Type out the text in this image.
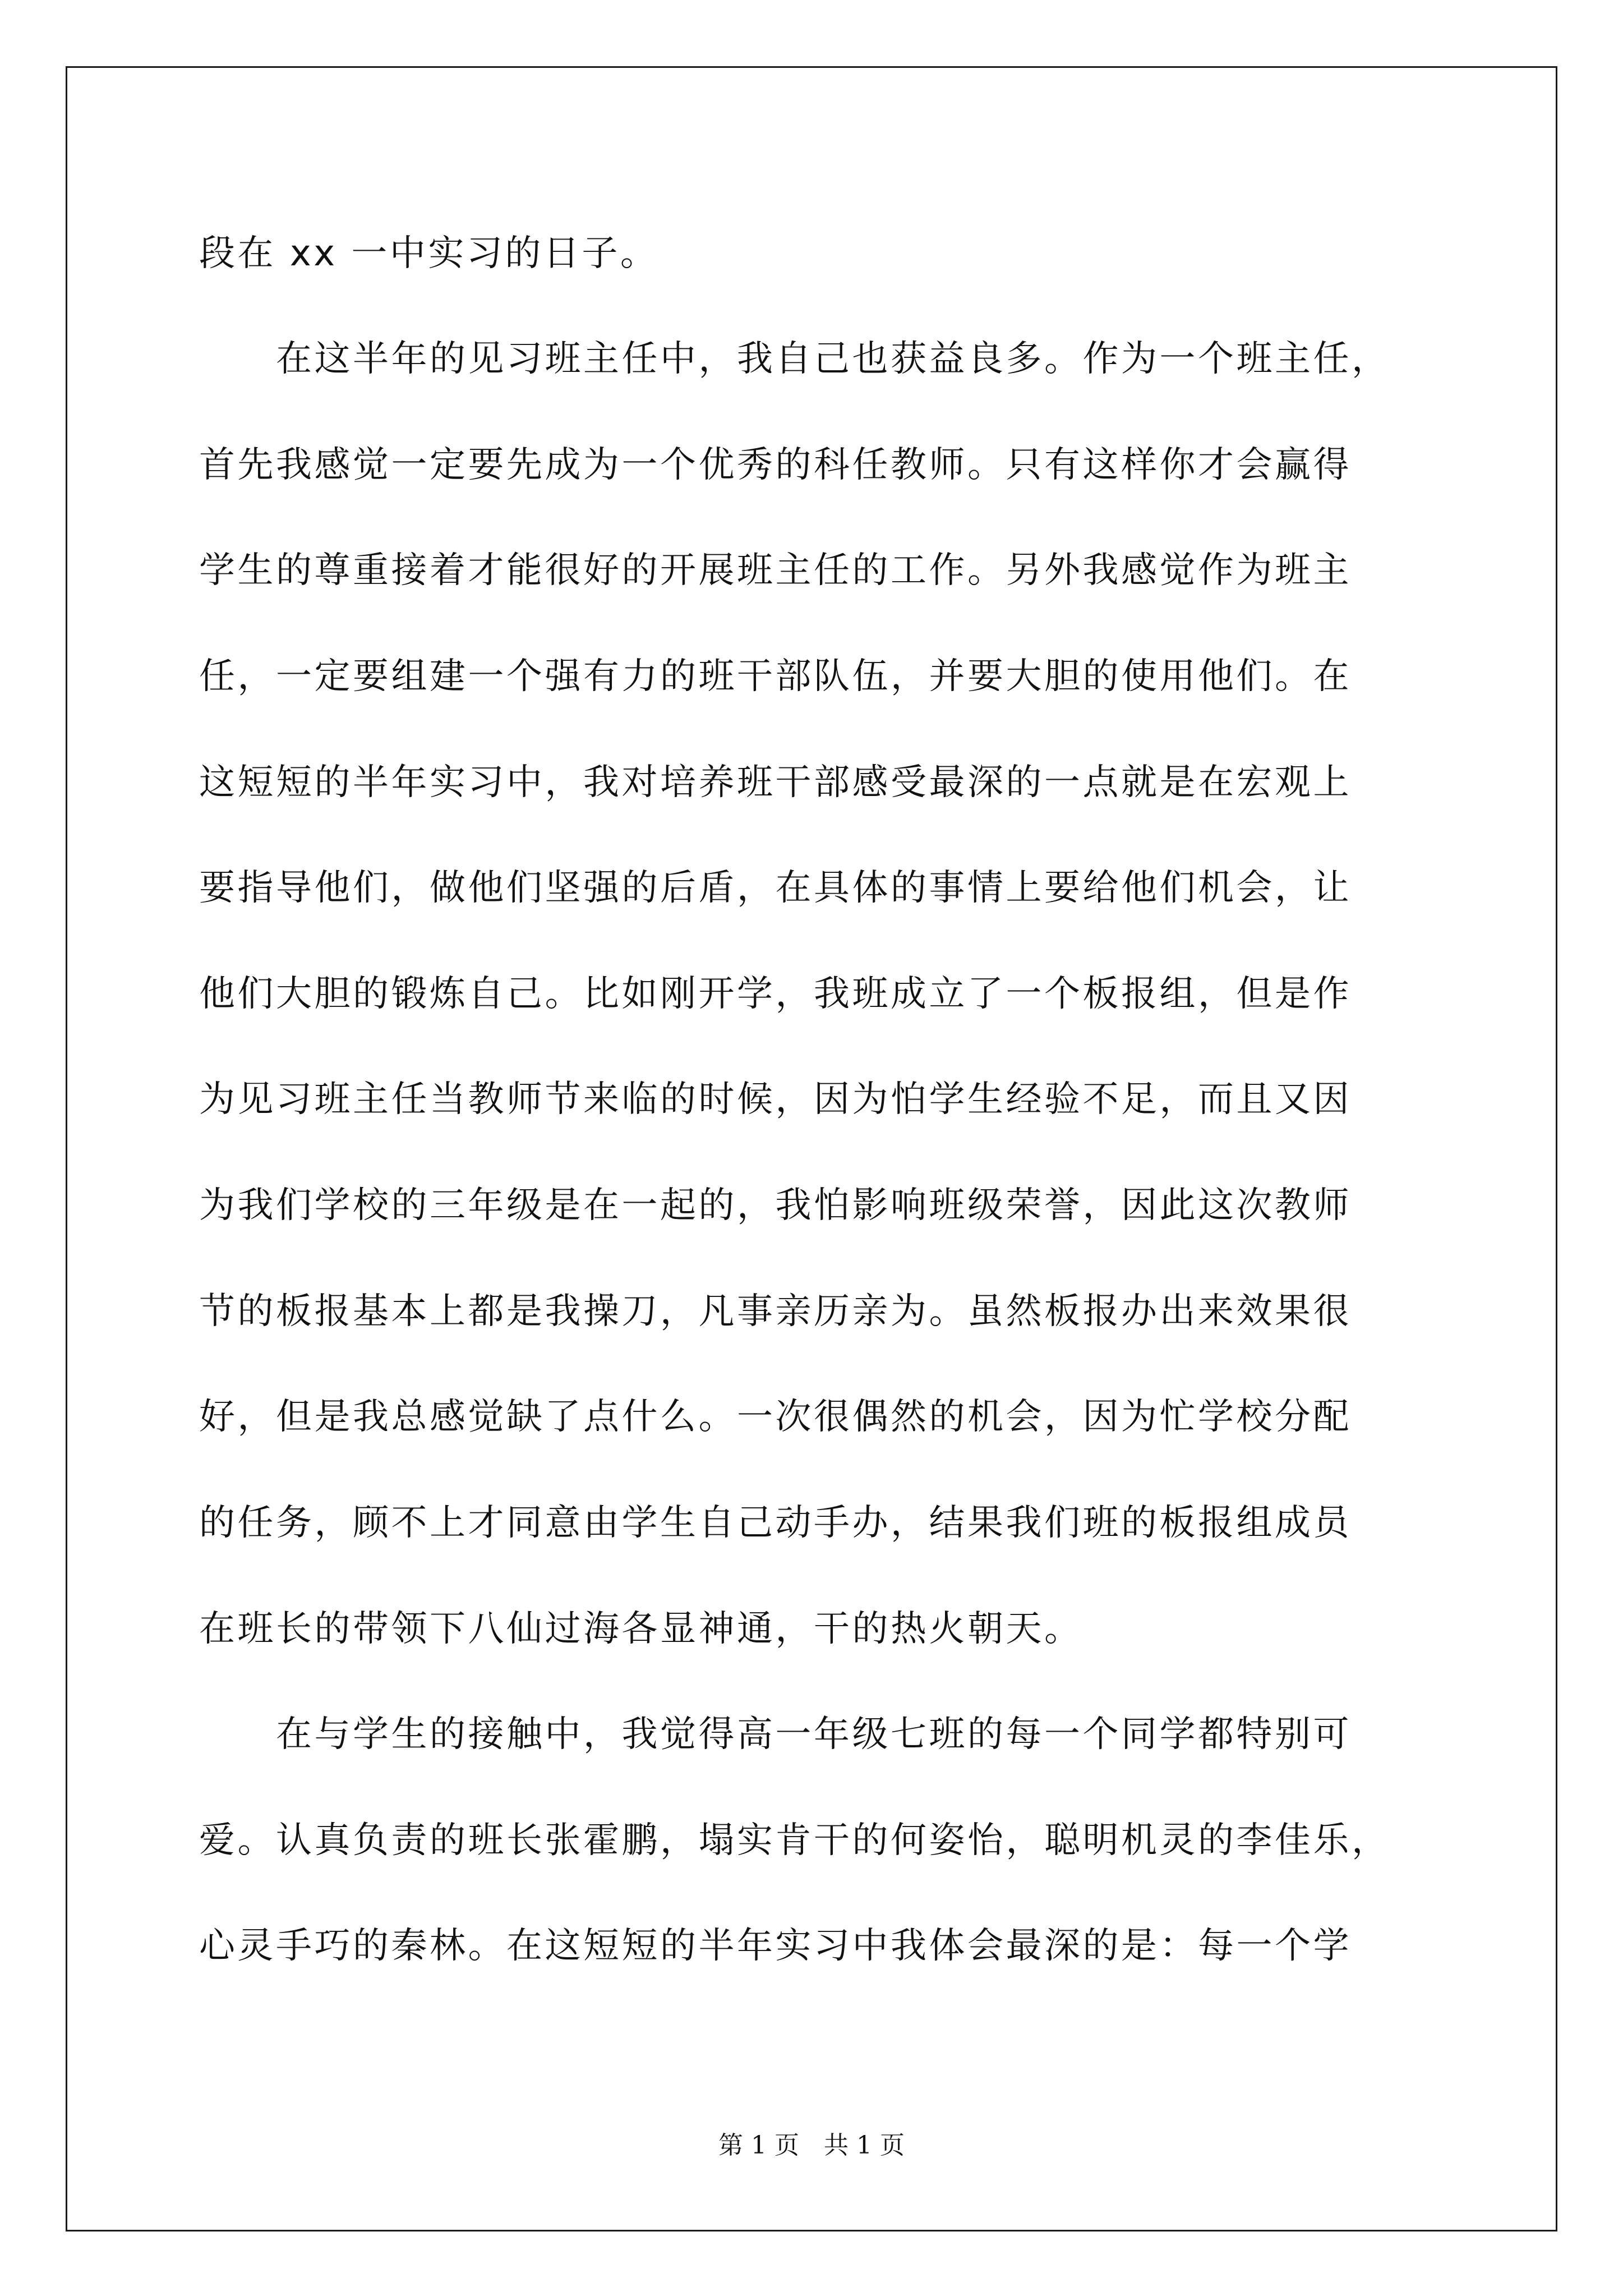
段在 xx 一中实习的日子。
　　在这半年的见习班主任中，我自己也获益良多。作为一个班主任，
首先我感觉一定要先成为一个优秀的科任教师。只有这样你才会赢得
学生的尊重接着才能很好的开展班主任的工作。另外我感觉作为班主
任，一定要组建一个强有力的班干部队伍，并要大胆的使用他们。在
这短短的半年实习中，我对培养班干部感受最深的一点就是在宏观上
要指导他们，做他们坚强的后盾，在具体的事情上要给他们机会，让
他们大胆的锻炼自己。比如刚开学，我班成立了一个板报组，但是作
为见习班主任当教师节来临的时候，因为怕学生经验不足，而且又因
为我们学校的三年级是在一起的，我怕影响班级荣誉，因此这次教师
节的板报基本上都是我操刀，凡事亲历亲为。虽然板报办出来效果很
好，但是我总感觉缺了点什么。一次很偶然的机会，因为忙学校分配
的任务，顾不上才同意由学生自己动手办，结果我们班的板报组成员
在班长的带领下八仙过海各显神通，干的热火朝天。
　　在与学生的接触中，我觉得高一年级七班的每一个同学都特别可
爱。认真负责的班长张霍鹏，塌实肯干的何姿怡，聪明机灵的李佳乐，
心灵手巧的秦林。在这短短的半年实习中我体会最深的是：每一个学
第 1 页　共 1 页
